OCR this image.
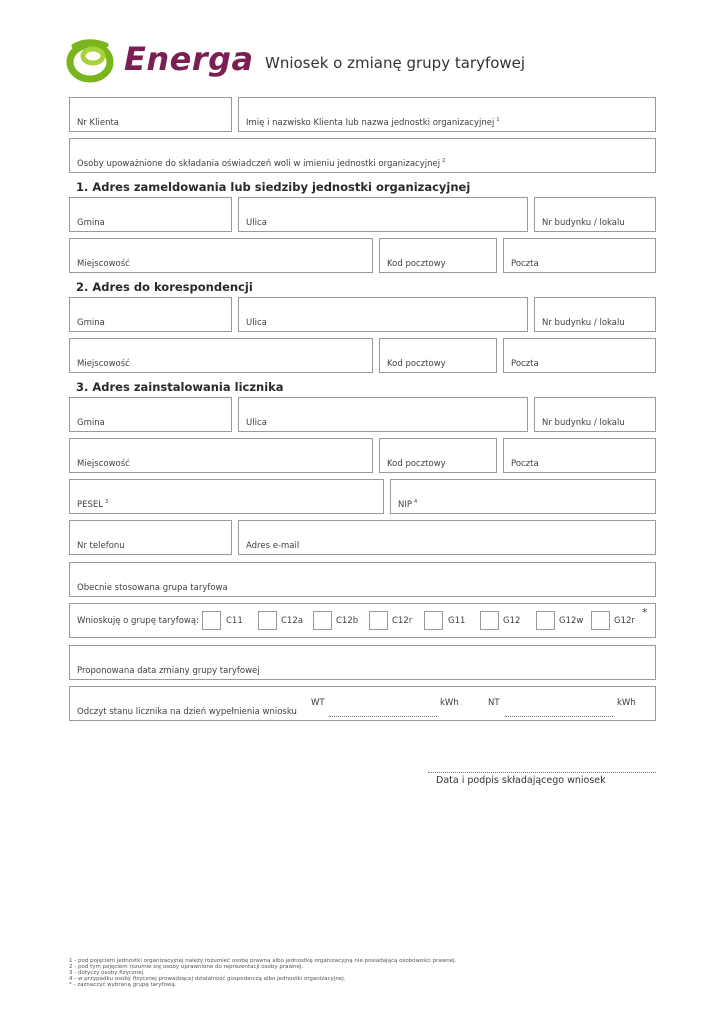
Energa Wniosek o zmianę grupy taryfowej
Nr Klienta	Imię i nazwisko Klienta lub nazwa jednostki organizacyjnej $^1$
Osoby upoważnione do składania oświadczeń woli w imieniu jednostki organizacyjnej $^2$
1. Adres zameldowania lub siedziby jednostki organizacyjnej
Gmina	Ulica	Nr budynku / lokalu
Miejscowość	Kod pocztowy	Poczta
2. Adres do korespondencji
Gmina	Ulica	Nr budynku / lokalu
Miejscowość	Kod pocztowy	Poczta
3. Adres zainstalowania licznika
Gmina	Ulica	Nr budynku / lokalu
Miejscowość	Kod pocztowy	Poczta
PESEL $^3$	NIP $^4$
Nr telefonu	Adres e-mail
Obecnie stosowana grupa taryfowa
Wnioskuję o grupę taryfową:	C11	C12a	C12b	C12r	G11	G12	G12w	G12r
*
Proponowana data zmiany grupy taryfowej
Odczyt stanu licznika na dzień wypełnienia wniosku
WT	kWh	NT	kWh
Data i podpis składającego wniosek
1 - pod pojęciem jednostki organizacyjnej należy rozumieć osobę prawną albo jednostkę organizacyjną nie posiadającą osobowości prawnej.
2 - pod tym pojęciem rozumie się osoby uprawnione do reprezentacji osoby prawnej.
3 - dotyczy osoby fizycznej.
4 - w przypadku osoby fizycznej prowadzącej działalność gospodarczą albo jednostki organizacyjnej.
* - zaznaczyć wybraną grupę taryfową.
